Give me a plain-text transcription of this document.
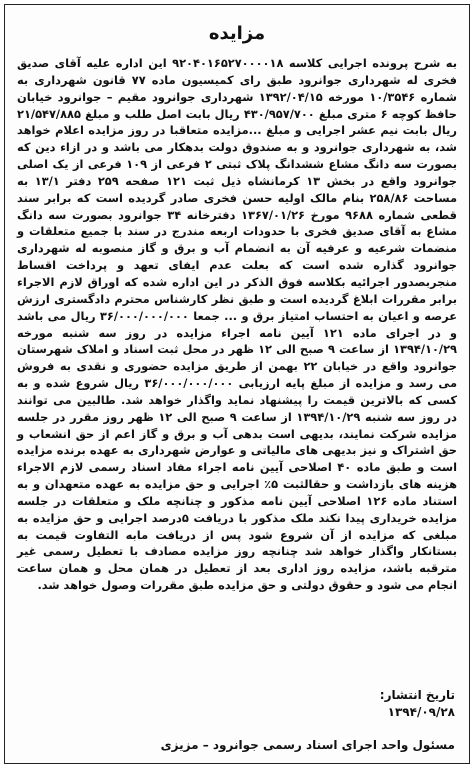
مزایده

به شرح پرونده اجرایی کلاسه ۹۲۰۴۰۱۶۵۲۷۰۰۰۰۱۸ این اداره علیه آقای صدیق فخری له شهرداری جوانرود طبق رای کمیسیون ماده ۷۷ قانون شهرداری به شماره ۱۰/۳۵۴۶ مورخه ۱۳۹۲/۰۴/۱۵ شهرداری جوانرود مقیم – جوانرود خیابان حافظ کوچه ۶ متری مبلغ ۴۳۰/۹۵۷/۷۰۰ ریال بابت اصل طلب و مبلغ ۲۱/۵۴۷/۸۸۵ ریال بابت نیم عشر اجرایی و مبلغ ...مزایده متعاقبا در روز مزایده اعلام خواهد شد، به شهرداری جوانرود و به صندوق دولت بدهکار می باشد و در ازاء دین که بصورت سه دانگ مشاع ششدانگ پلاک ثبتی ۲ فرعی از ۱۰۹ فرعی از یک اصلی جوانرود واقع در بخش ۱۳ کرمانشاه ذیل ثبت ۱۲۱ صفحه ۲۵۹ دفتر ۱۳/۱ به مساحت ۲۵۸/۸۶ بنام مالک اولیه حسن فخری صادر گردیده است که برابر سند قطعی شماره ۹۶۸۸ مورخ ۱۳۶۷/۰۱/۲۶ دفترخانه ۳۴ جوانرود بصورت سه دانگ مشاع به آقای صدیق فخری با حدودات اربعه مندرج در سند با جمیع متعلقات و منضمات شرعیه و عرفیه آن به انضمام آب و برق و گاز منصوبه له شهرداری جوانرود گذاره شده است که بعلت عدم ایفای تعهد و پرداخت اقساط منجربصدور اجرائیه بکلاسه فوق الذکر در این اداره شده که اوراق لازم الاجراء برابر مقررات ابلاغ گردیده است و طبق نظر کارشناس محترم دادگستری ارزش عرصه و اعیان به احتساب امتیاز برق و ... جمعا ۳۶/۰۰۰/۰۰۰/۰۰۰ ریال می باشد و در اجرای ماده ۱۲۱ آیین نامه اجراء مزایده در روز سه شنبه مورخه ۱۳۹۴/۱۰/۲۹ از ساعت ۹ صبح الی ۱۲ ظهر در محل ثبت اسناد و املاک شهرستان جوانرود واقع در خیابان ۲۲ بهمن از طریق مزایده حضوری و نقدی به فروش می رسد و مزایده از مبلغ پایه ارزیابی ۳۶/۰۰۰/۰۰۰/۰۰۰ ریال شروع شده و به کسی که بالاترین قیمت را پیشنهاد نماید واگذار خواهد شد. طالبین می توانند در روز سه شنبه ۱۳۹۴/۱۰/۲۹ از ساعت ۹ صبح الی ۱۲ ظهر روز مقرر در جلسه مزایده شرکت نمایند، بدیهی است بدهی آب و برق و گاز اعم از حق انشعاب و حق اشتراک و نیز بدیهی های مالیاتی و عوارض شهرداری به عهده برنده مزایده است و طبق ماده ۴۰ اصلاحی آیین نامه اجراء مفاد اسناد رسمی لازم الاجراء هزینه های بازداشت و حقالثبت ۵٪ اجرایی و حق مزایده به عهده متعهدان و به استناد ماده ۱۲۶ اصلاحی آیین نامه مذکور و چنانچه ملک و متعلقات در جلسه مزایده خریداری پیدا نکند ملک مذکور با دریافت ۵درصد اجرایی و حق مزایده به مبلغی که مزایده از آن شروع شود پس از دریافت مابه التفاوت قیمت به بستانکار واگذار خواهد شد چنانچه روز مزایده مصادف با تعطیل رسمی غیر مترقبه باشد، مزایده روز اداری بعد از تعطیل در همان محل و همان ساعت انجام می شود و حقوق دولتی و حق مزایده طبق مقررات وصول خواهد شد.

تاریخ انتشار:
۱۳۹۴/۰۹/۲۸
مسئول واحد اجرای اسناد رسمی جوانرود – مزیزی
